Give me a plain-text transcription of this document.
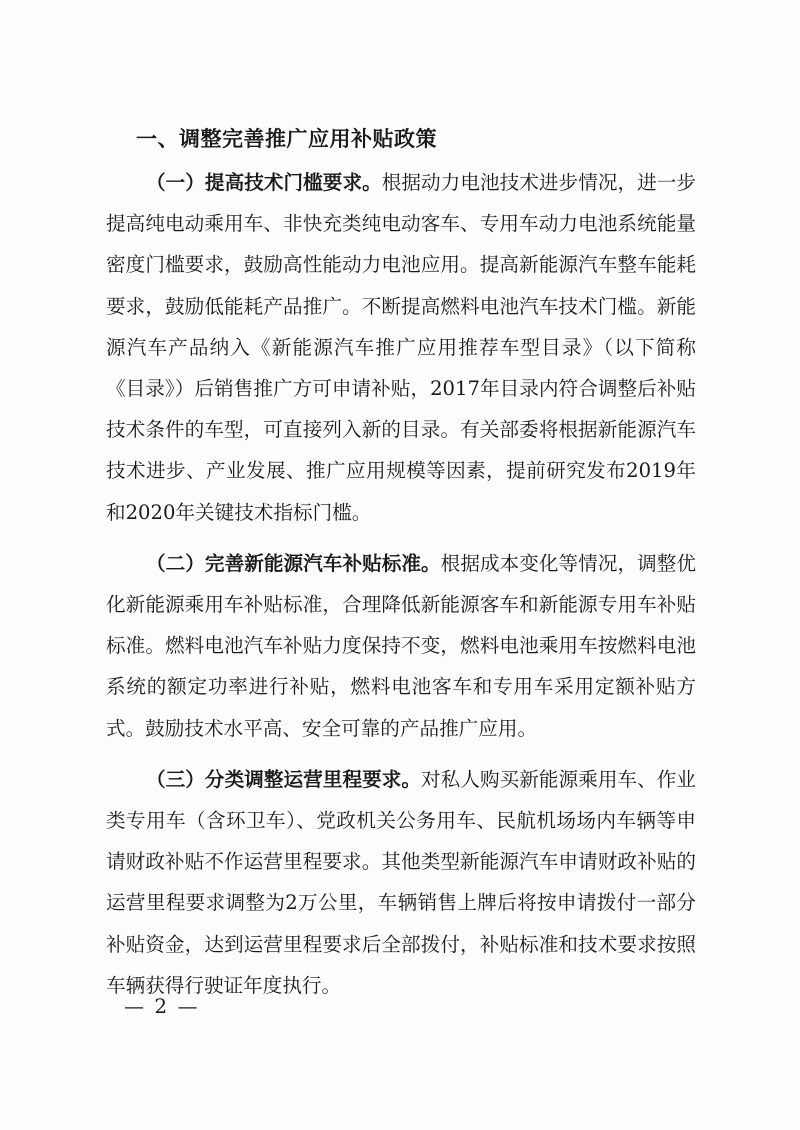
一、调整完善推广应用补贴政策

（一）提高技术门槛要求。根据动力电池技术进步情况，进一步提高纯电动乘用车、非快充类纯电动客车、专用车动力电池系统能量密度门槛要求，鼓励高性能动力电池应用。提高新能源汽车整车能耗要求，鼓励低能耗产品推广。不断提高燃料电池汽车技术门槛。新能源汽车产品纳入《新能源汽车推广应用推荐车型目录》（以下简称《目录》）后销售推广方可申请补贴，2017年目录内符合调整后补贴技术条件的车型，可直接列入新的目录。有关部委将根据新能源汽车技术进步、产业发展、推广应用规模等因素，提前研究发布2019年和2020年关键技术指标门槛。

（二）完善新能源汽车补贴标准。根据成本变化等情况，调整优化新能源乘用车补贴标准，合理降低新能源客车和新能源专用车补贴标准。燃料电池汽车补贴力度保持不变，燃料电池乘用车按燃料电池系统的额定功率进行补贴，燃料电池客车和专用车采用定额补贴方式。鼓励技术水平高、安全可靠的产品推广应用。

（三）分类调整运营里程要求。对私人购买新能源乘用车、作业类专用车（含环卫车）、党政机关公务用车、民航机场场内车辆等申请财政补贴不作运营里程要求。其他类型新能源汽车申请财政补贴的运营里程要求调整为2万公里，车辆销售上牌后将按申请拨付一部分补贴资金，达到运营里程要求后全部拨付，补贴标准和技术要求按照车辆获得行驶证年度执行。

— 2 —
